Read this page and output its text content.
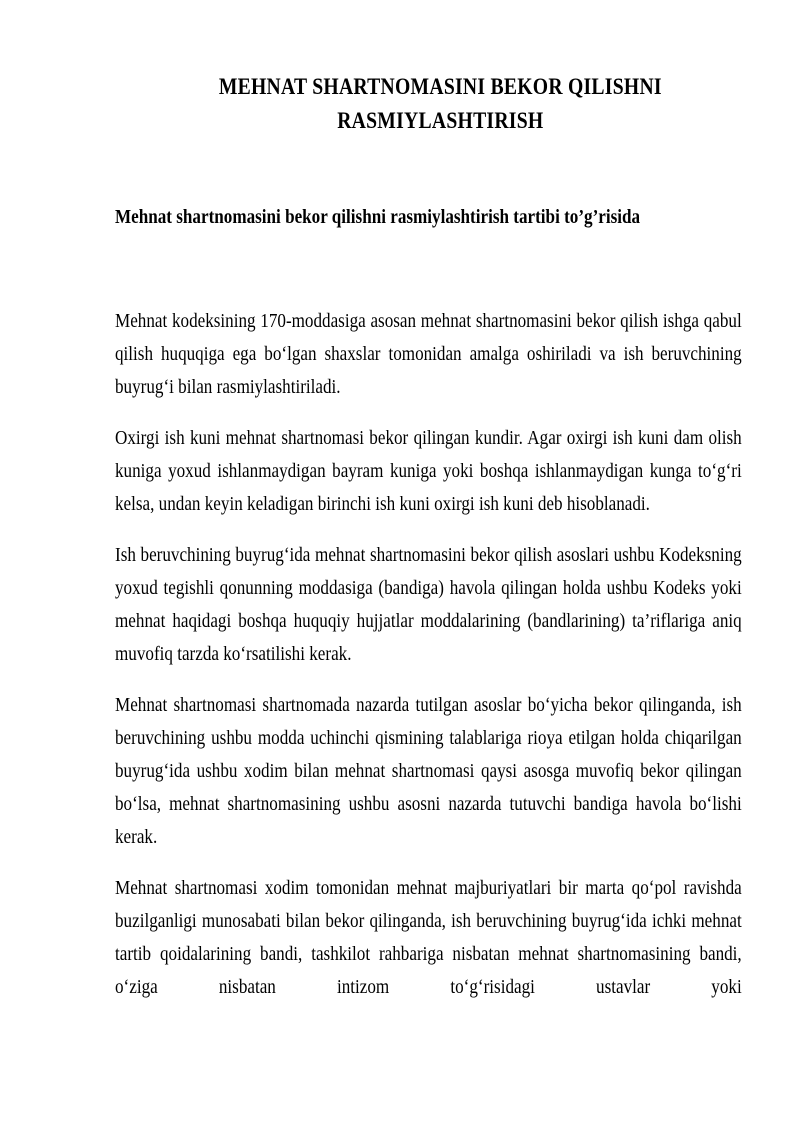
MEHNAT SHARTNOMASINI BEKOR QILISHNI
RASMIYLASHTIRISH
Mehnat shartnomasini bekor qilishni rasmiylashtirish tartibi to’g’risida

Mehnat kodeksining 170-moddasiga asosan mehnat shartnomasini bekor qilish ishga qabul qilish huquqiga ega bo‘lgan shaxslar tomonidan amalga oshiriladi va ish beruvchining buyrug‘i bilan rasmiylashtiriladi.

Oxirgi ish kuni mehnat shartnomasi bekor qilingan kundir. Agar oxirgi ish kuni dam olish kuniga yoxud ishlanmaydigan bayram kuniga yoki boshqa ishlanmaydigan kunga to‘g‘ri kelsa, undan keyin keladigan birinchi ish kuni oxirgi ish kuni deb hisoblanadi.

Ish beruvchining buyrug‘ida mehnat shartnomasini bekor qilish asoslari ushbu Kodeksning yoxud tegishli qonunning moddasiga (bandiga) havola qilingan holda ushbu Kodeks yoki mehnat haqidagi boshqa huquqiy hujjatlar moddalarining (bandlarining) ta’riflariga aniq muvofiq tarzda ko‘rsatilishi kerak.

Mehnat shartnomasi shartnomada nazarda tutilgan asoslar bo‘yicha bekor qilinganda, ish beruvchining ushbu modda uchinchi qismining talablariga rioya etilgan holda chiqarilgan buyrug‘ida ushbu xodim bilan mehnat shartnomasi qaysi asosga muvofiq bekor qilingan bo‘lsa, mehnat shartnomasining ushbu asosni nazarda tutuvchi bandiga havola bo‘lishi kerak.

Mehnat shartnomasi xodim tomonidan mehnat majburiyatlari bir marta qo‘pol ravishda buzilganligi munosabati bilan bekor qilinganda, ish beruvchining buyrug‘ida ichki mehnat tartib qoidalarining bandi, tashkilot rahbariga nisbatan mehnat shartnomasining bandi, o‘ziga nisbatan intizom to‘g‘risidagi ustavlar yoki
